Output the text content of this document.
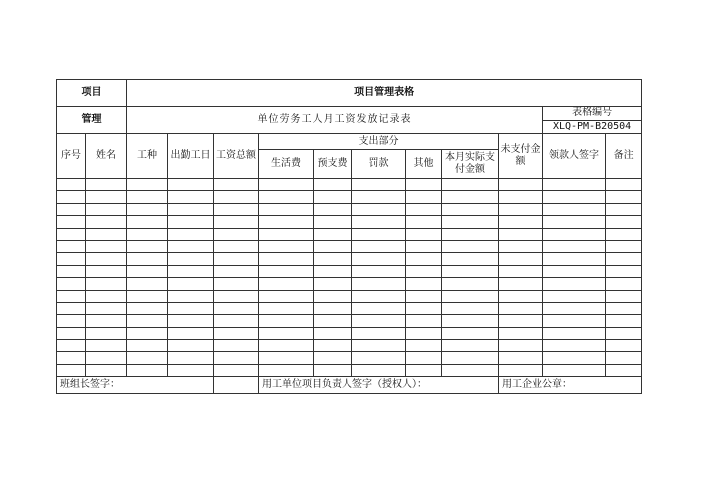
项目		项目管理表格										
管理		单位劳务工人月工资发放记录表									表格编号	
											XLQ-PM-B20504	
序号	姓名	工种	出勤工日	工资总额	支出部分					未支付金额	领款人签字	备注
					生活费	预支费	罚款	其他	本月实际支付金额			

班组长签字：					用工单位项目负责人签字（授权人）：					用工企业公章：		
